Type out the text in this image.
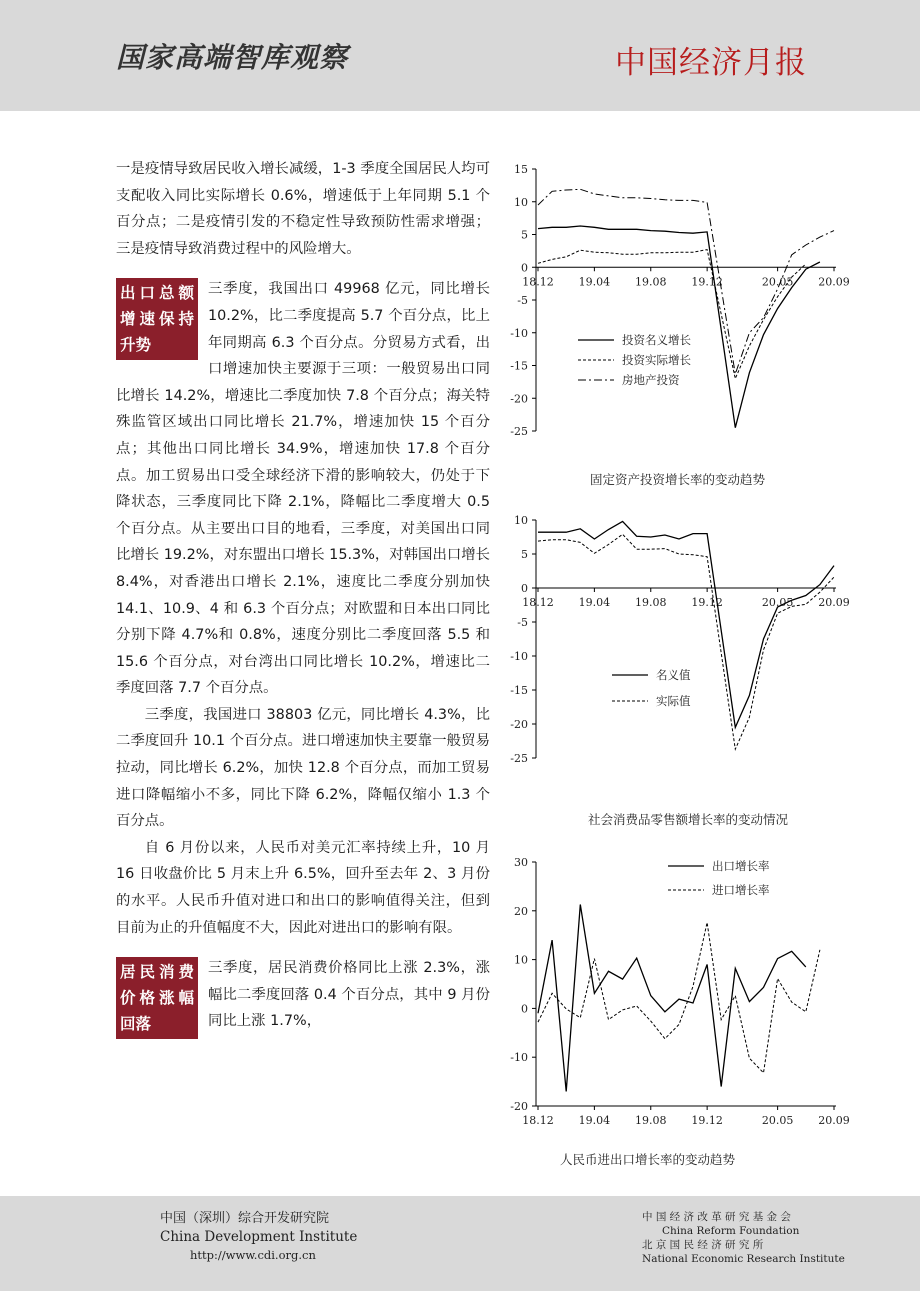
国家高端智库观察	中国经济月报

一是疫情导致居民收入增长减缓，1-3 季度全国居民人均可支配收入同比实际增长 0.6%，增速低于上年同期 5.1 个百分点；二是疫情引发的不稳定性导致预防性需求增强；三是疫情导致消费过程中的风险增大。

出口总额增速保持升势

三季度，我国出口 49968 亿元，同比增长 10.2%，比二季度提高 5.7 个百分点，比上年同期高 6.3 个百分点。分贸易方式看，出口增速加快主要源于三项：一般贸易出口同比增长 14.2%，增速比二季度加快 7.8 个百分点；海关特殊监管区域出口同比增长 21.7%，增速加快 15 个百分点；其他出口同比增长 34.9%，增速加快 17.8 个百分点。加工贸易出口受全球经济下滑的影响较大，仍处于下降状态，三季度同比下降 2.1%，降幅比二季度增大 0.5 个百分点。从主要出口目的地看，三季度，对美国出口同比增长 19.2%，对东盟出口增长 15.3%，对韩国出口增长 8.4%，对香港出口增长 2.1%，速度比二季度分别加快 14.1、10.9、4 和 6.3 个百分点；对欧盟和日本出口同比分别下降 4.7%和 0.8%，速度分别比二季度回落 5.5 和 15.6 个百分点，对台湾出口同比增长 10.2%，增速比二季度回落 7.7 个百分点。

三季度，我国进口 38803 亿元，同比增长 4.3%，比二季度回升 10.1 个百分点。进口增速加快主要靠一般贸易拉动，同比增长 6.2%，加快 12.8 个百分点，而加工贸易进口降幅缩小不多，同比下降 6.2%，降幅仅缩小 1.3 个百分点。

自 6 月份以来，人民币对美元汇率持续上升，10 月 16 日收盘价比 5 月末上升 6.5%，回升至去年 2、3 月份的水平。人民币升值对进口和出口的影响值得关注，但到目前为止的升值幅度不大，因此对进出口的影响有限。

居民消费价格涨幅回落

三季度，居民消费价格同比上涨 2.3%，涨幅比二季度回落 0.4 个百分点，其中 9 月份同比上涨 1.7%，

15
10
5
0
-5
-10
-15
-20
-25
18.12 19.04 19.08 19.12	20.05 20.09
投资名义增长
投资实际增长
房地产投资
固定资产投资增长率的变动趋势
10
5
0
-5
-10
-15
-20
-25
18.12 19.04 19.08 19.12	20.05 20.09
名义值
实际值
社会消费品零售额增长率的变动情况
30
20
10
0
-10
-20
18.12 19.04 19.08 19.12	20.05 20.09
出口增长率
进口增长率
人民币进出口增长率的变动趋势
中国（深圳）综合开发研究院
China Development Institute
http://www.cdi.org.cn
中 国 经 济 改 革 研 究 基 金 会
China Reform Foundation
北 京 国 民 经 济 研 究 所
National Economic Research Institute
